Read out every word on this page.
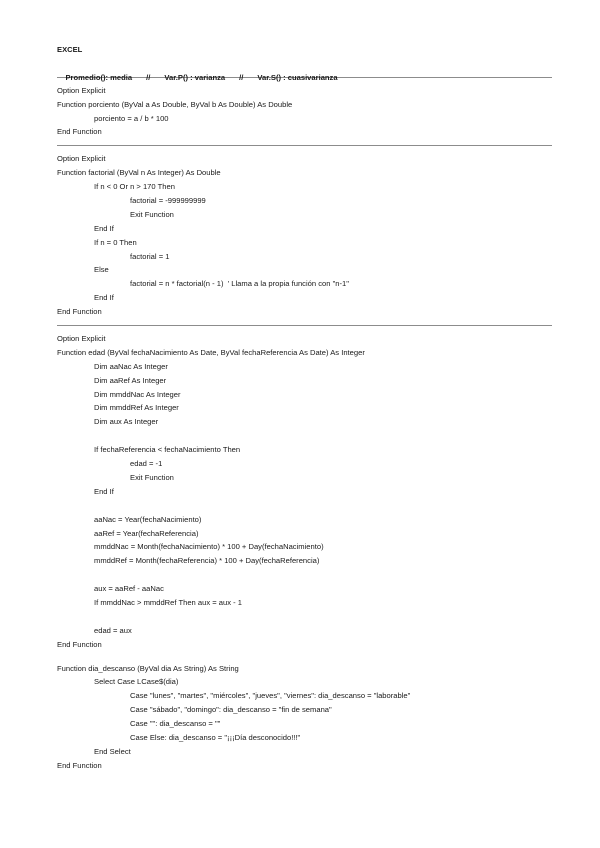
EXCEL

Promedio(): media // Var.P() : varianza // Var.S() : cuasivarianza

Option Explicit
Function porciento (ByVal a As Double, ByVal b As Double) As Double
porciento = a / b * 100
End Function
Option Explicit
Function factorial (ByVal n As Integer) As Double
If n < 0 Or n > 170 Then
factorial = -999999999
Exit Function
End If
If n = 0 Then
factorial = 1
Else
factorial = n * factorial(n - 1)  ' Llama a la propia función con "n-1"
End If
End Function
Option Explicit
Function edad (ByVal fechaNacimiento As Date, ByVal fechaReferencia As Date) As Integer
Dim aaNac As Integer
Dim aaRef As Integer
Dim mmddNac As Integer
Dim mmddRef As Integer
Dim aux As Integer
If fechaReferencia < fechaNacimiento Then
edad = -1
Exit Function
End If
aaNac = Year(fechaNacimiento)
aaRef = Year(fechaReferencia)
mmddNac = Month(fechaNacimiento) * 100 + Day(fechaNacimiento)
mmddRef = Month(fechaReferencia) * 100 + Day(fechaReferencia)
aux = aaRef - aaNac
If mmddNac > mmddRef Then aux = aux - 1
edad = aux
End Function
Function dia_descanso (ByVal dia As String) As String
Select Case LCase$(dia)
Case "lunes", "martes", "miércoles", "jueves", "viernes": dia_descanso = "laborable"
Case "sábado", "domingo": dia_descanso = "fin de semana"
Case "": dia_descanso = ""
Case Else: dia_descanso = "¡¡¡Día desconocido!!!"
End Select
End Function
